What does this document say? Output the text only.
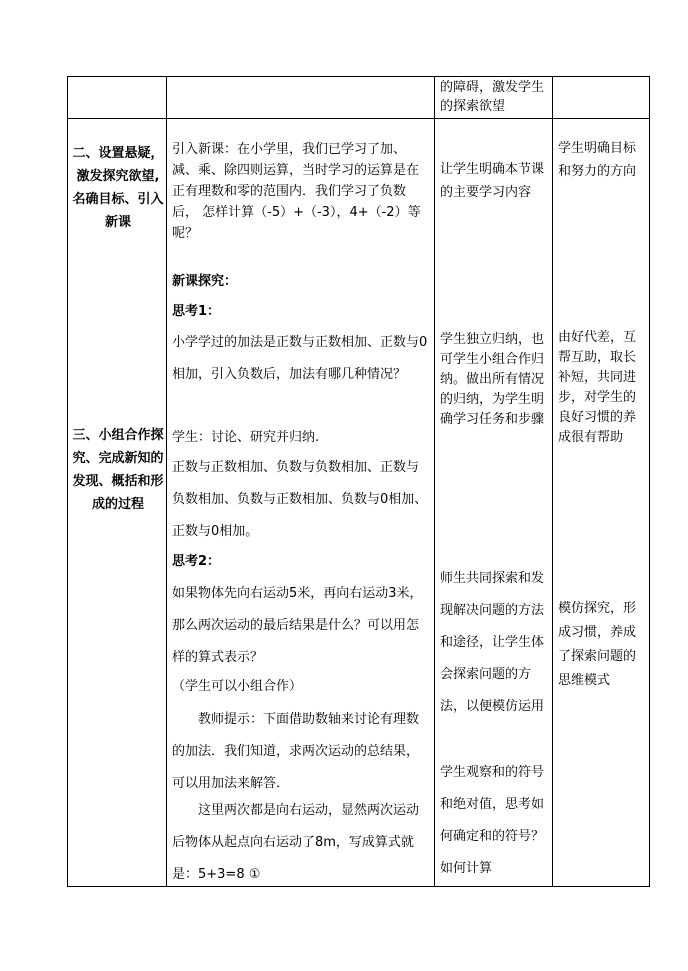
的障碍，激发学生的探索欲望
二、设置悬疑，激发探究欲望,名确目标、引入新课
引入新课：在小学里，我们已学习了加、减、乘、除四则运算，当时学习的运算是在正有理数和零的范围内．我们学习了负数后， 怎样计算（-5）+（-3），4+（-2）等呢？
让学生明确本节课的主要学习内容
学生明确目标和努力的方向
三、小组合作探究、完成新知的发现、概括和形成的过程
新课探究：
思考1：
小学学过的加法是正数与正数相加、正数与0相加，引入负数后，加法有哪几种情况？
学生：讨论、研究并归纳.
正数与正数相加、负数与负数相加、正数与负数相加、负数与正数相加、负数与0相加、正数与0相加。
思考2：
如果物体先向右运动5米，再向右运动3米，那么两次运动的最后结果是什么？可以用怎样的算式表示？
（学生可以小组合作）
教师提示：下面借助数轴来讨论有理数的加法．我们知道，求两次运动的总结果，可以用加法来解答．
这里两次都是向右运动，显然两次运动后物体从起点向右运动了8m，写成算式就是：5+3=8 ①
学生独立归纳，也可学生小组合作归纳。做出所有情况的归纳，为学生明确学习任务和步骤
师生共同探索和发现解决问题的方法和途径，让学生体会探索问题的方法，以便模仿运用
学生观察和的符号和绝对值，思考如何确定和的符号？如何计算
由好代差，互帮互助，取长补短，共同进步，对学生的良好习惯的养成很有帮助
模仿探究，形成习惯，养成了探索问题的思维模式
